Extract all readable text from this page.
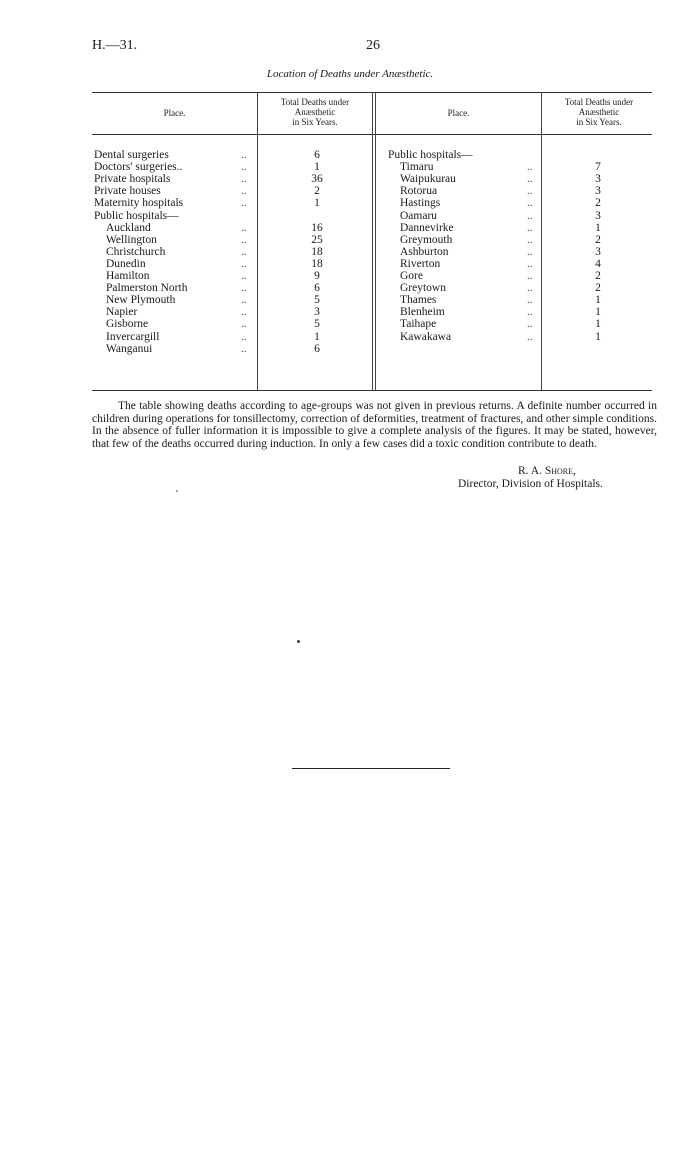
H.—31.	26
Location of Deaths under Anæsthetic.
Place.
Total Deaths under
Anæsthetic
in Six Years.
Place.
Total Deaths under
Anæsthetic
in Six Years.
Dental surgeries	..	6
Doctors' surgeries..	..	1
Private hospitals	..	36
Private houses	..	2
Maternity hospitals	..	1
Public hospitals—
Auckland	..	16
Wellington	..	25
Christchurch	..	18
Dunedin	..	18
Hamilton	..	9
Palmerston North	..	6
New Plymouth	..	5
Napier	..	3
Gisborne	..	5
Invercargill	..	1
Wanganui	..	6
Public hospitals—
Timaru	..	7
Waipukurau	..	3
Rotorua	..	3
Hastings	..	2
Oamaru	..	3
Dannevirke	..	1
Greymouth	..	2
Ashburton	..	3
Riverton	..	4
Gore	..	2
Greytown	..	2
Thames	..	1
Blenheim	..	1
Taihape	..	1
Kawakawa	..	1

The table showing deaths according to age-groups was not given in previous returns. A definite number occurred in children during operations for tonsillectomy, correction of deformities, treatment of fractures, and other simple conditions. In the absence of fuller information it is impossible to give a complete analysis of the figures. It may be stated, however, that few of the deaths occurred during induction. In only a few cases did a toxic condition contribute to death.

R. A. Shore,
Director, Division of Hospitals.
